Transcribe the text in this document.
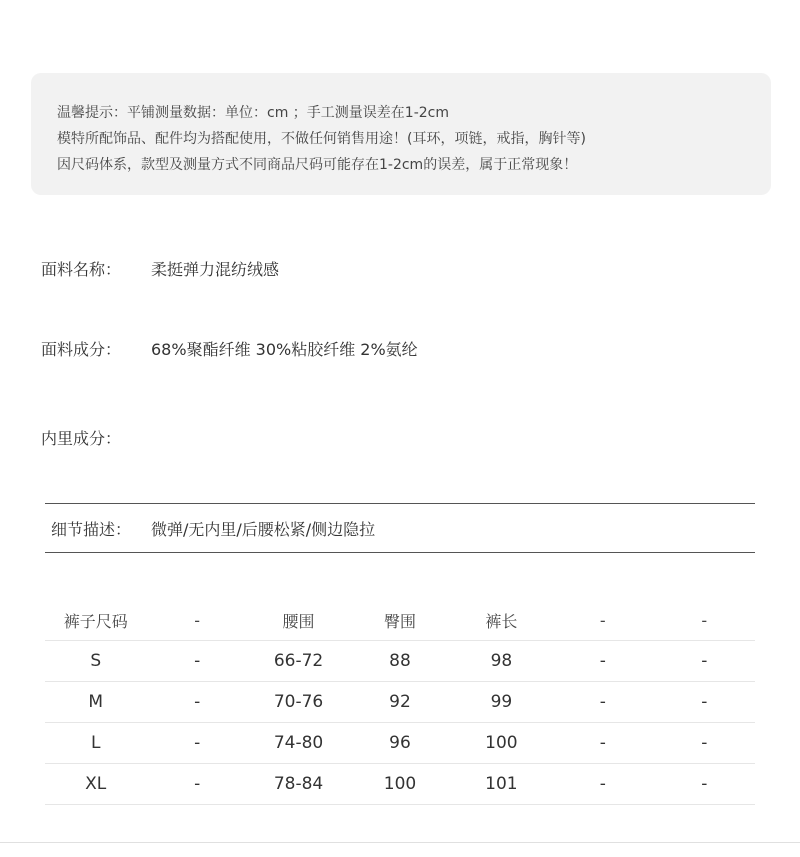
温馨提示：平铺测量数据：单位：cm ；手工测量误差在1-2cm
模特所配饰品、配件均为搭配使用，不做任何销售用途！(耳环，项链，戒指，胸针等)
因尺码体系，款型及测量方式不同商品尺码可能存在1-2cm的误差，属于正常现象！
面料名称： 柔挺弹力混纺绒感
面料成分： 68%聚酯纤维 30%粘胶纤维 2%氨纶
内里成分：
细节描述：	微弹/无内里/后腰松紧/侧边隐拉
裤子尺码	-	腰围	臀围	裤长	-	-
S	-	66-72	88	98	-	-
M	-	70-76	92	99	-	-
L	-	74-80	96	100	-	-
XL	-	78-84	100	101	-	-
